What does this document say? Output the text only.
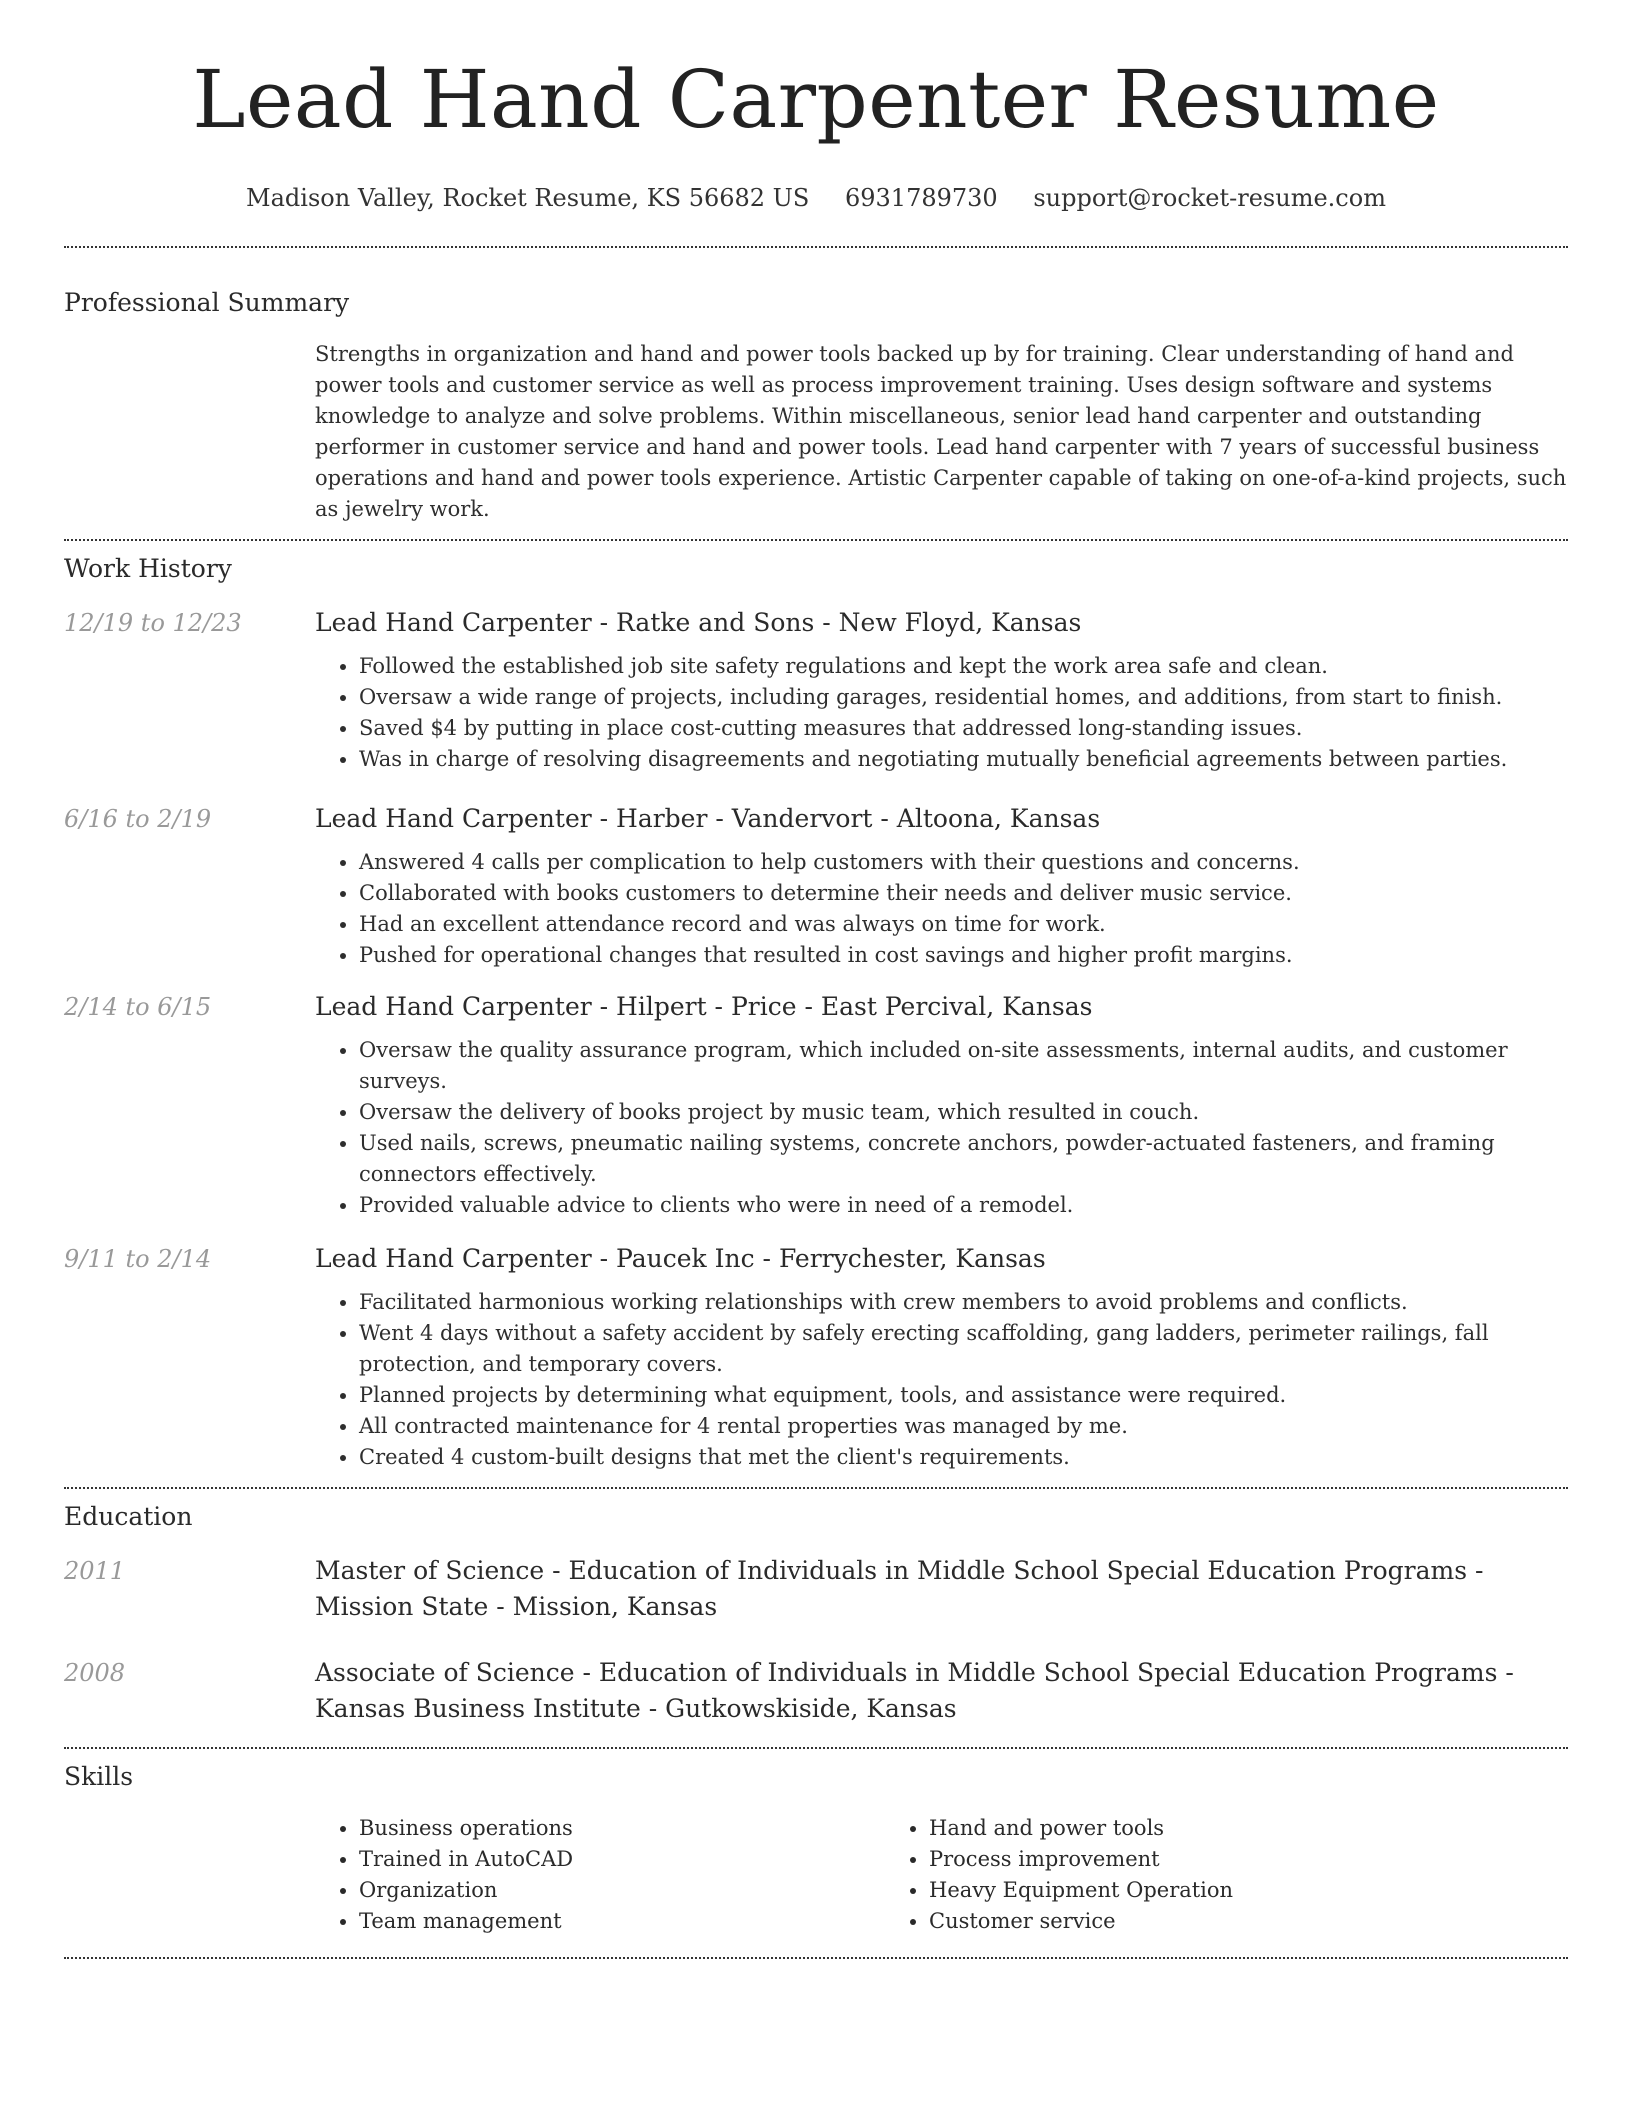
Lead Hand Carpenter Resume
Madison Valley, Rocket Resume, KS 56682 US 6931789730 support@rocket-resume.com
Professional Summary
Strengths in organization and hand and power tools backed up by for training. Clear understanding of hand and power tools and customer service as well as process improvement training. Uses design software and systems knowledge to analyze and solve problems. Within miscellaneous, senior lead hand carpenter and outstanding performer in customer service and hand and power tools. Lead hand carpenter with 7 years of successful business operations and hand and power tools experience. Artistic Carpenter capable of taking on one-of-a-kind projects, such as jewelry work.
Work History
12/19 to 12/23	Lead Hand Carpenter - Ratke and Sons - New Floyd, Kansas
• Followed the established job site safety regulations and kept the work area safe and clean.
• Oversaw a wide range of projects, including garages, residential homes, and additions, from start to finish.
• Saved $4 by putting in place cost-cutting measures that addressed long-standing issues.
• Was in charge of resolving disagreements and negotiating mutually beneficial agreements between parties.
6/16 to 2/19	Lead Hand Carpenter - Harber - Vandervort - Altoona, Kansas
• Answered 4 calls per complication to help customers with their questions and concerns.
• Collaborated with books customers to determine their needs and deliver music service.
• Had an excellent attendance record and was always on time for work.
• Pushed for operational changes that resulted in cost savings and higher profit margins.
2/14 to 6/15	Lead Hand Carpenter - Hilpert - Price - East Percival, Kansas
• Oversaw the quality assurance program, which included on-site assessments, internal audits, and customer surveys.
• Oversaw the delivery of books project by music team, which resulted in couch.
• Used nails, screws, pneumatic nailing systems, concrete anchors, powder-actuated fasteners, and framing connectors effectively.
• Provided valuable advice to clients who were in need of a remodel.
9/11 to 2/14	Lead Hand Carpenter - Paucek Inc - Ferrychester, Kansas
• Facilitated harmonious working relationships with crew members to avoid problems and conflicts.
• Went 4 days without a safety accident by safely erecting scaffolding, gang ladders, perimeter railings, fall protection, and temporary covers.
• Planned projects by determining what equipment, tools, and assistance were required.
• All contracted maintenance for 4 rental properties was managed by me.
• Created 4 custom-built designs that met the client's requirements.
Education
2011	Master of Science - Education of Individuals in Middle School Special Education Programs - Mission State - Mission, Kansas
2008	Associate of Science - Education of Individuals in Middle School Special Education Programs - Kansas Business Institute - Gutkowskiside, Kansas
Skills
• Business operations
• Trained in AutoCAD
• Organization
• Team management
• Hand and power tools
• Process improvement
• Heavy Equipment Operation
• Customer service
